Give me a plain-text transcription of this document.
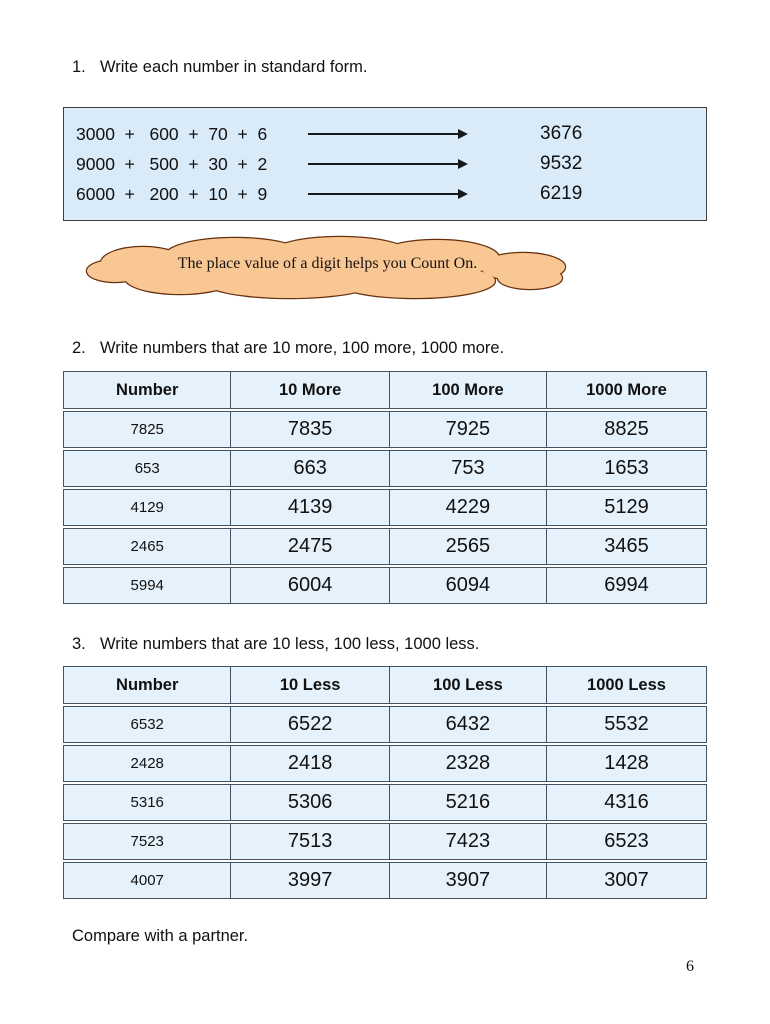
1. Write each number in standard form.
3000  +   600  +  70  +  6	3676
9000  +   500  +  30  +  2	9532
6000  +   200  +  10  +  9	6219
The place value of a digit helps you Count On.
2. Write numbers that are 10 more, 100 more, 1000 more.
Number	10 More	100 More	1000 More
7825	7835	7925	8825
653	663	753	1653
4129	4139	4229	5129
2465	2475	2565	3465
5994	6004	6094	6994
3. Write numbers that are 10 less, 100 less, 1000 less.
Number	10 Less	100 Less	1000 Less
6532	6522	6432	5532
2428	2418	2328	1428
5316	5306	5216	4316
7523	7513	7423	6523
4007	3997	3907	3007
Compare with a partner.
6
